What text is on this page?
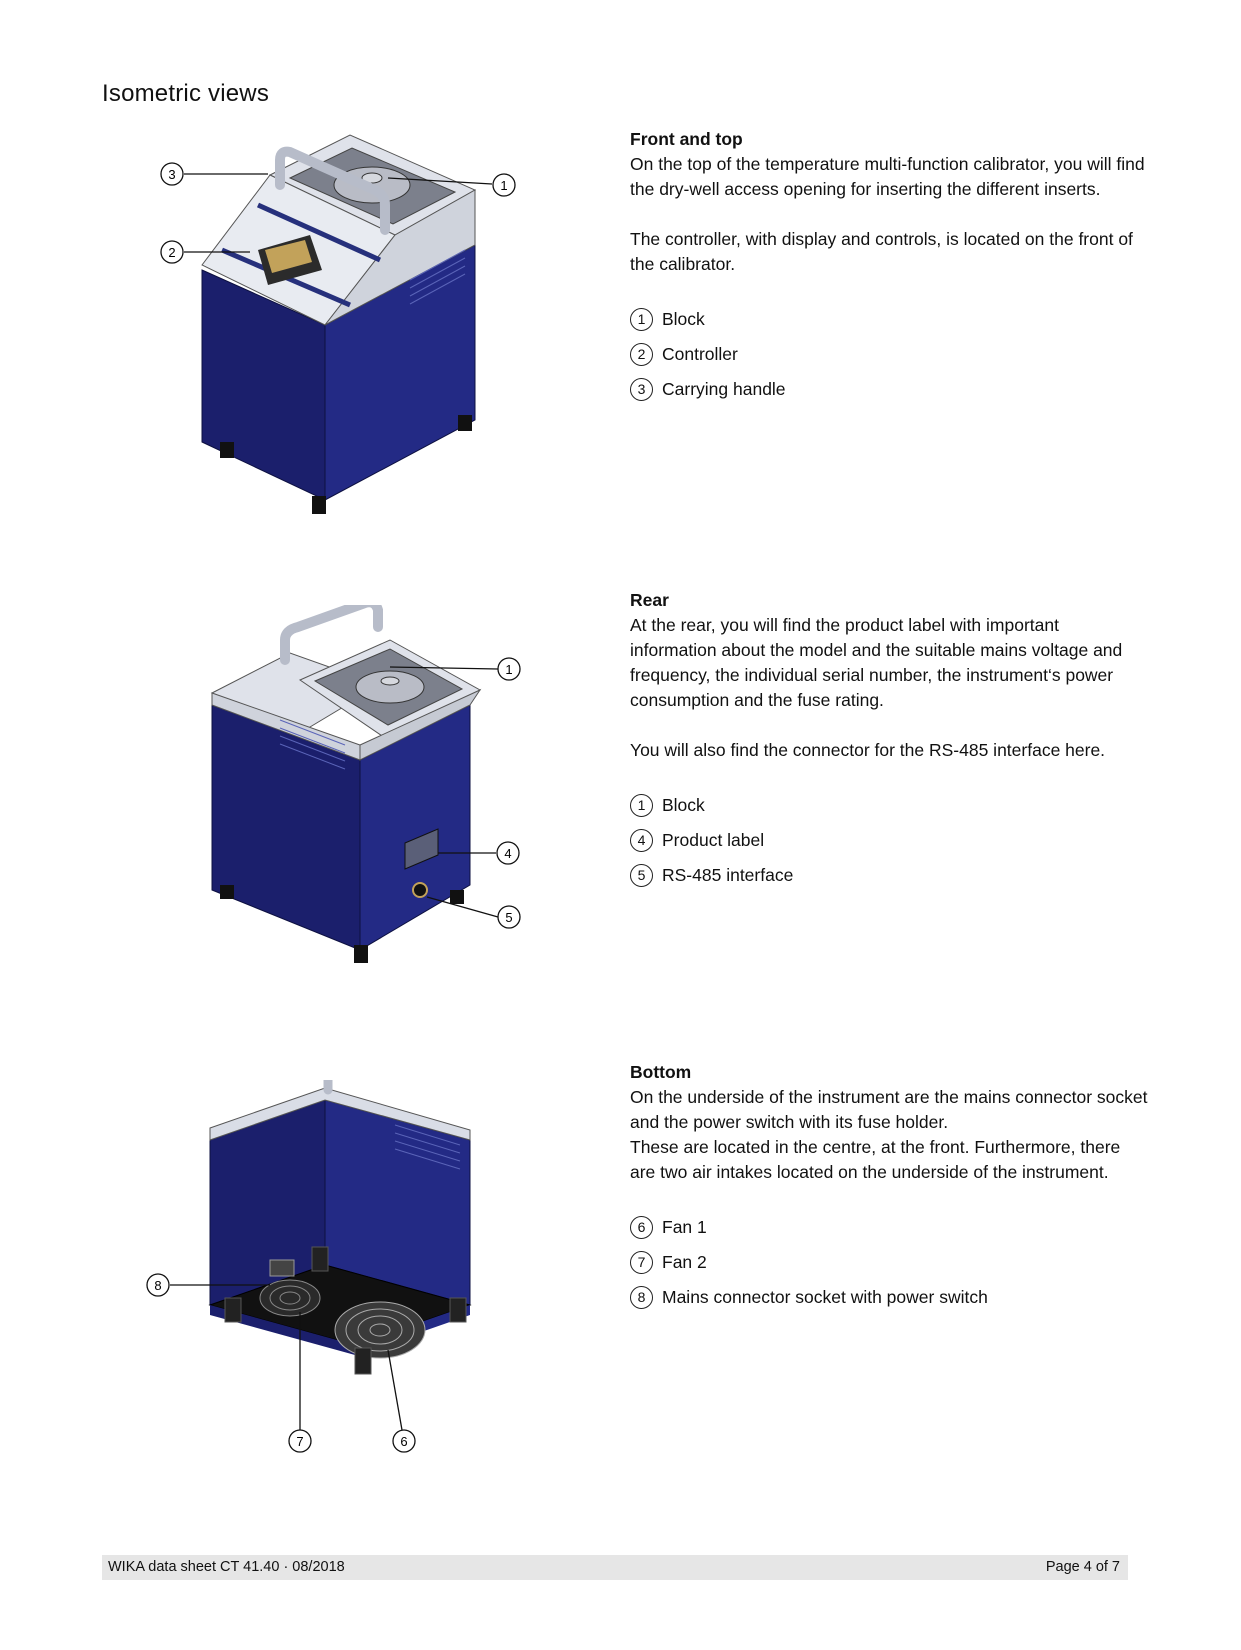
Isometric views
3
2
1
Front and top

On the top of the temperature multi-function calibrator, you will find the dry-well access opening for inserting the different inserts.

The controller, with display and controls, is located on the front of the calibrator.

1 Block
2 Controller
3 Carrying handle
1
4
5
Rear

At the rear, you will find the product label with important information about the model and the suitable mains voltage and frequency, the individual serial number, the instrument‘s power consumption and the fuse rating.

You will also find the connector for the RS-485 interface here.

1 Block
4 Product label
5 RS-485 interface
8
7	6
Bottom

On the underside of the instrument are the mains connector socket and the power switch with its fuse holder.
These are located in the centre, at the front. Furthermore, there are two air intakes located on the underside of the instrument.

6 Fan 1
7 Fan 2
8 Mains connector socket with power switch
WIKA data sheet CT 41.40 · 08/2018	Page 4 of 7
